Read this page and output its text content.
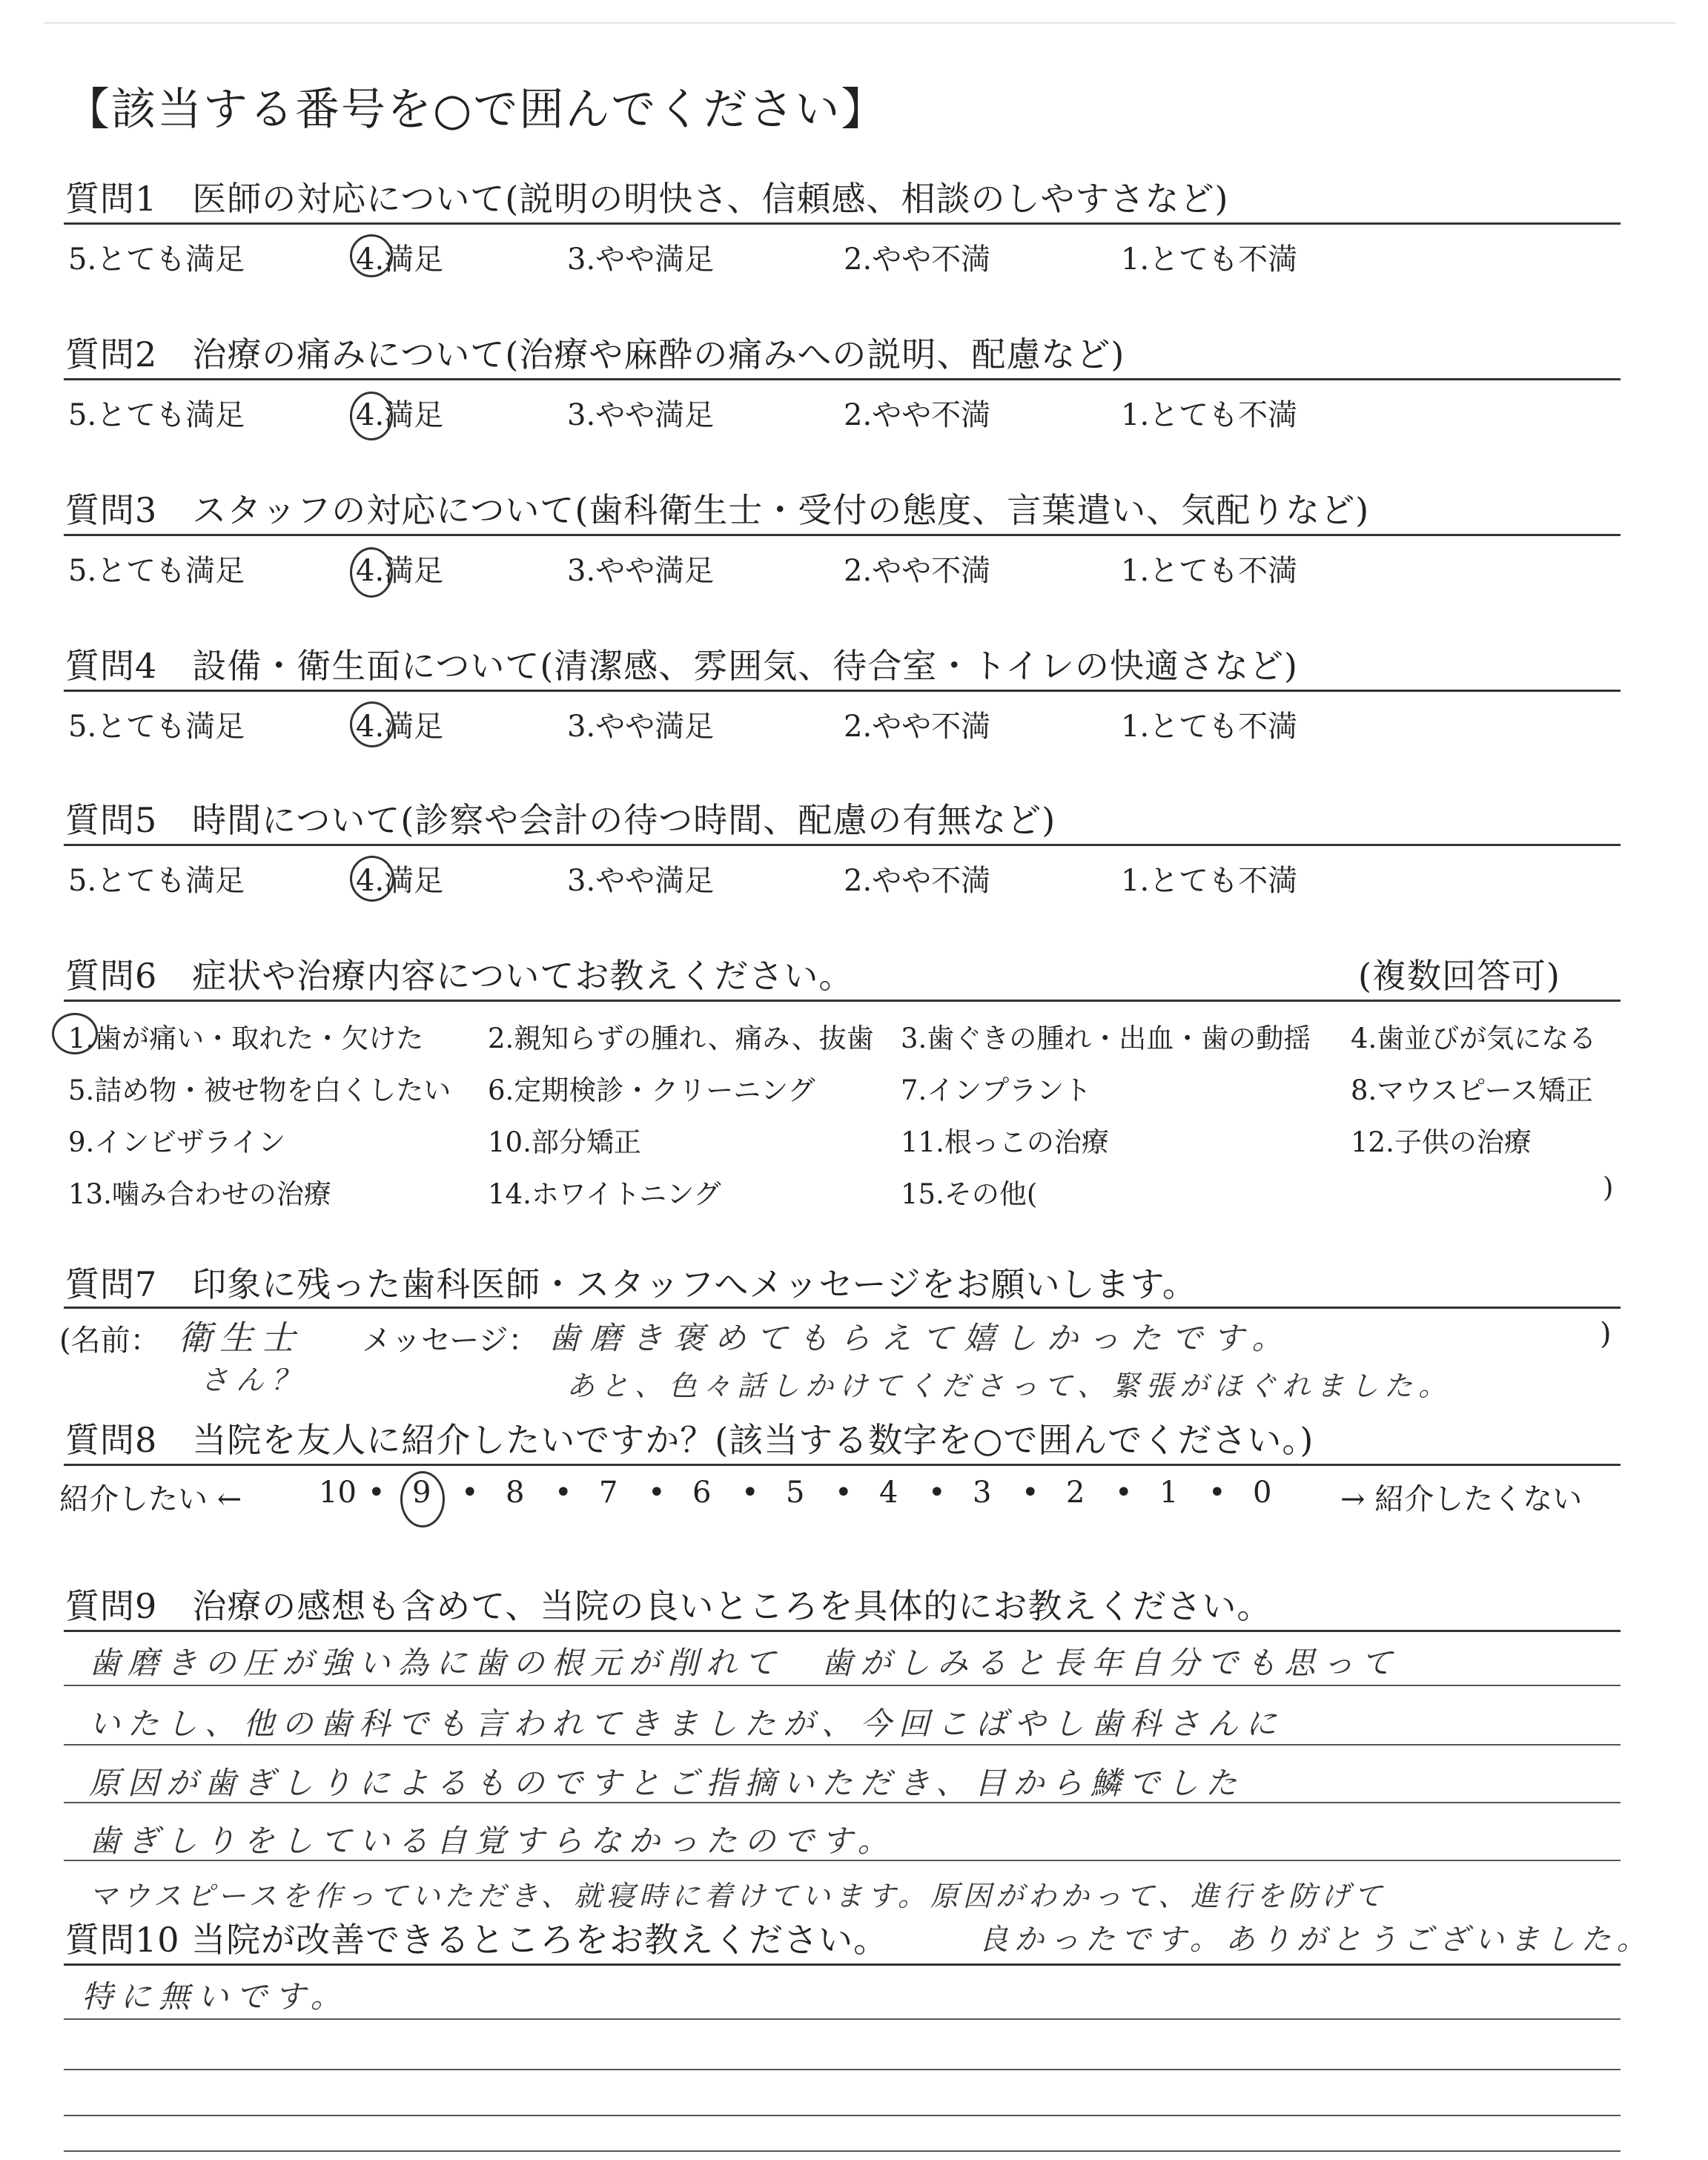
【該当する番号を○で囲んでください】
質問1　医師の対応について(説明の明快さ、信頼感、相談のしやすさなど)
5.とても満足	4.満足	3.やや満足	2.やや不満	1.とても不満
質問2　治療の痛みについて(治療や麻酔の痛みへの説明、配慮など)
5.とても満足	4.満足	3.やや満足	2.やや不満	1.とても不満
質問3　スタッフの対応について(歯科衛生士・受付の態度、言葉遣い、気配りなど)
5.とても満足	4.満足	3.やや満足	2.やや不満	1.とても不満
質問4　設備・衛生面について(清潔感、雰囲気、待合室・トイレの快適さなど)
5.とても満足	4.満足	3.やや満足	2.やや不満	1.とても不満
質問5　時間について(診察や会計の待つ時間、配慮の有無など)
5.とても満足	4.満足	3.やや満足	2.やや不満	1.とても不満
質問6　症状や治療内容についてお教えください。	(複数回答可)
1.歯が痛い・取れた・欠けた 2.親知らずの腫れ、痛み、抜歯 3.歯ぐきの腫れ・出血・歯の動揺 4.歯並びが気になる
5.詰め物・被せ物を白くしたい 6.定期検診・クリーニング	7.インプラント	8.マウスピース矯正
9.インビザライン	10.部分矯正	11.根っこの治療	12.子供の治療
13.噛み合わせの治療	14.ホワイトニング	15.その他(	)
質問7　印象に残った歯科医師・スタッフへメッセージをお願いします。
(名前： 衛生士
さん？
メッセージ： 歯磨き褒めてもらえて嬉しかったです。
あと、色々話しかけてくださって、緊張がほぐれました。
)
質問8　当院を友人に紹介したいですか？(該当する数字を○で囲んでください。)
紹介したい ←	10 • 9 • 8 • 7 • 6 • 5 • 4 • 3 • 2 • 1 • 0 → 紹介したくない
質問9　治療の感想も含めて、当院の良いところを具体的にお教えください。
歯磨きの圧が強い為に歯の根元が削れて　歯がしみると長年自分でも思って
いたし、他の歯科でも言われてきましたが、今回こばやし歯科さんに
原因が歯ぎしりによるものですとご指摘いただき、目から鱗でした
歯ぎしりをしている自覚すらなかったのです。
マウスピースを作っていただき、就寝時に着けています。原因がわかって、進行を防げて
質問10 当院が改善できるところをお教えください。	良かったです。ありがとうございました。
特に無いです。
